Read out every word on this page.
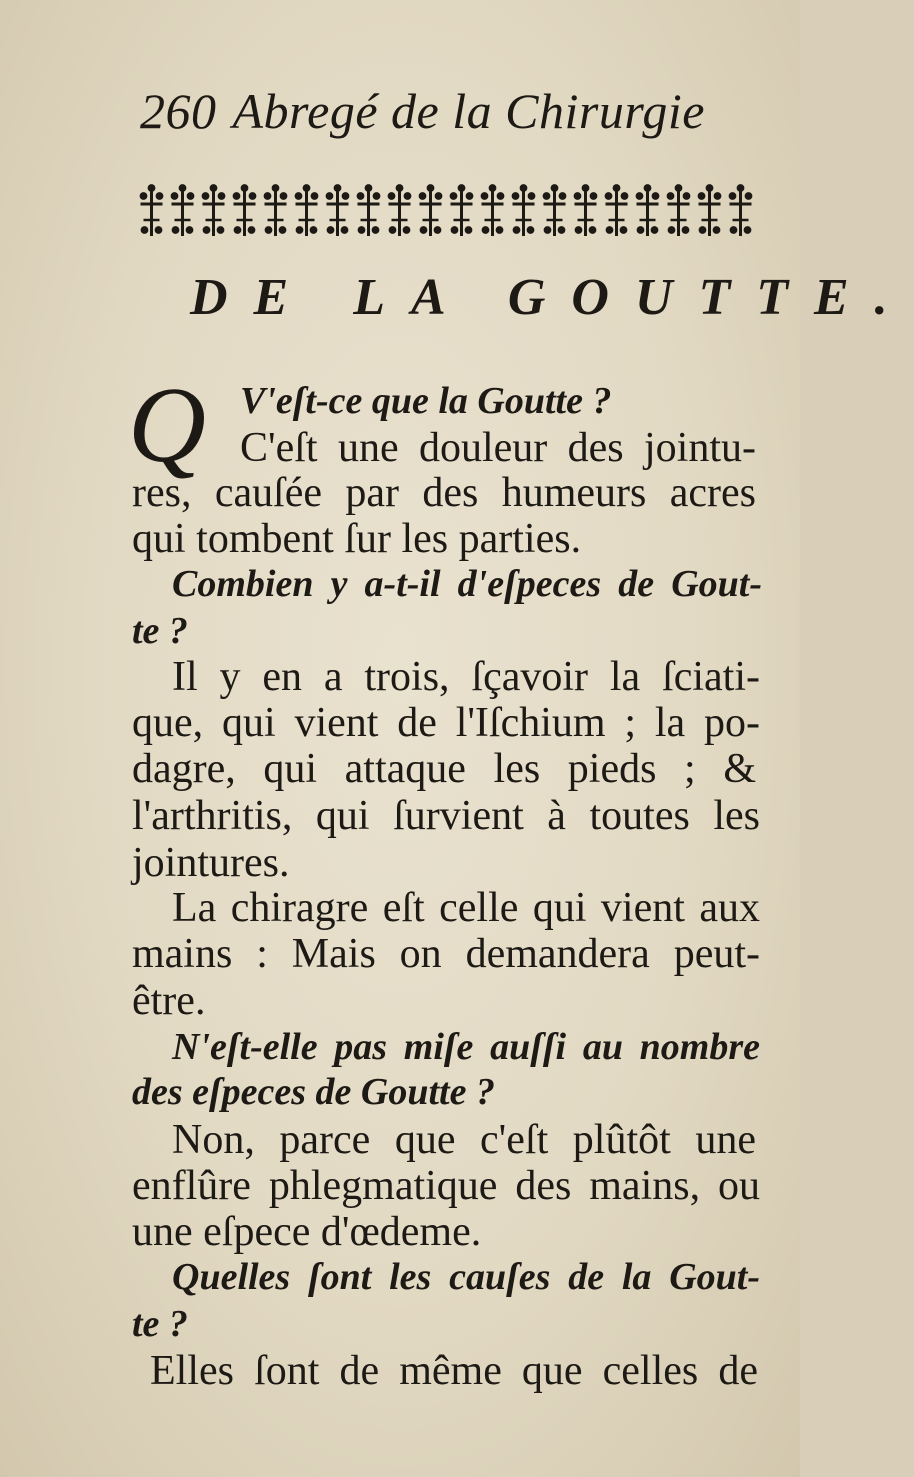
260 Abregé de la Chirurgie
DE LA GOUTTE.
Q V'eſt-ce que la Goutte ?
C'eſt une douleur des jointu-
res, cauſée par des humeurs acres
qui tombent ſur les parties.
Combien y a-t-il d'eſpeces de Gout-
te ?
Il y en a trois, ſçavoir la ſciati-
que, qui vient de l'Iſchium ; la po-
dagre, qui attaque les pieds ; &
l'arthritis, qui ſurvient à toutes les
jointures.
La chiragre eſt celle qui vient aux
mains : Mais on demandera peut-
être.
N'eſt-elle pas miſe auſſi au nombre
des eſpeces de Goutte ?
Non, parce que c'eſt plûtôt une
enflûre phlegmatique des mains, ou
une eſpece d'œdeme.
Quelles ſont les cauſes de la Gout-
te ?
Elles ſont de même que celles de
